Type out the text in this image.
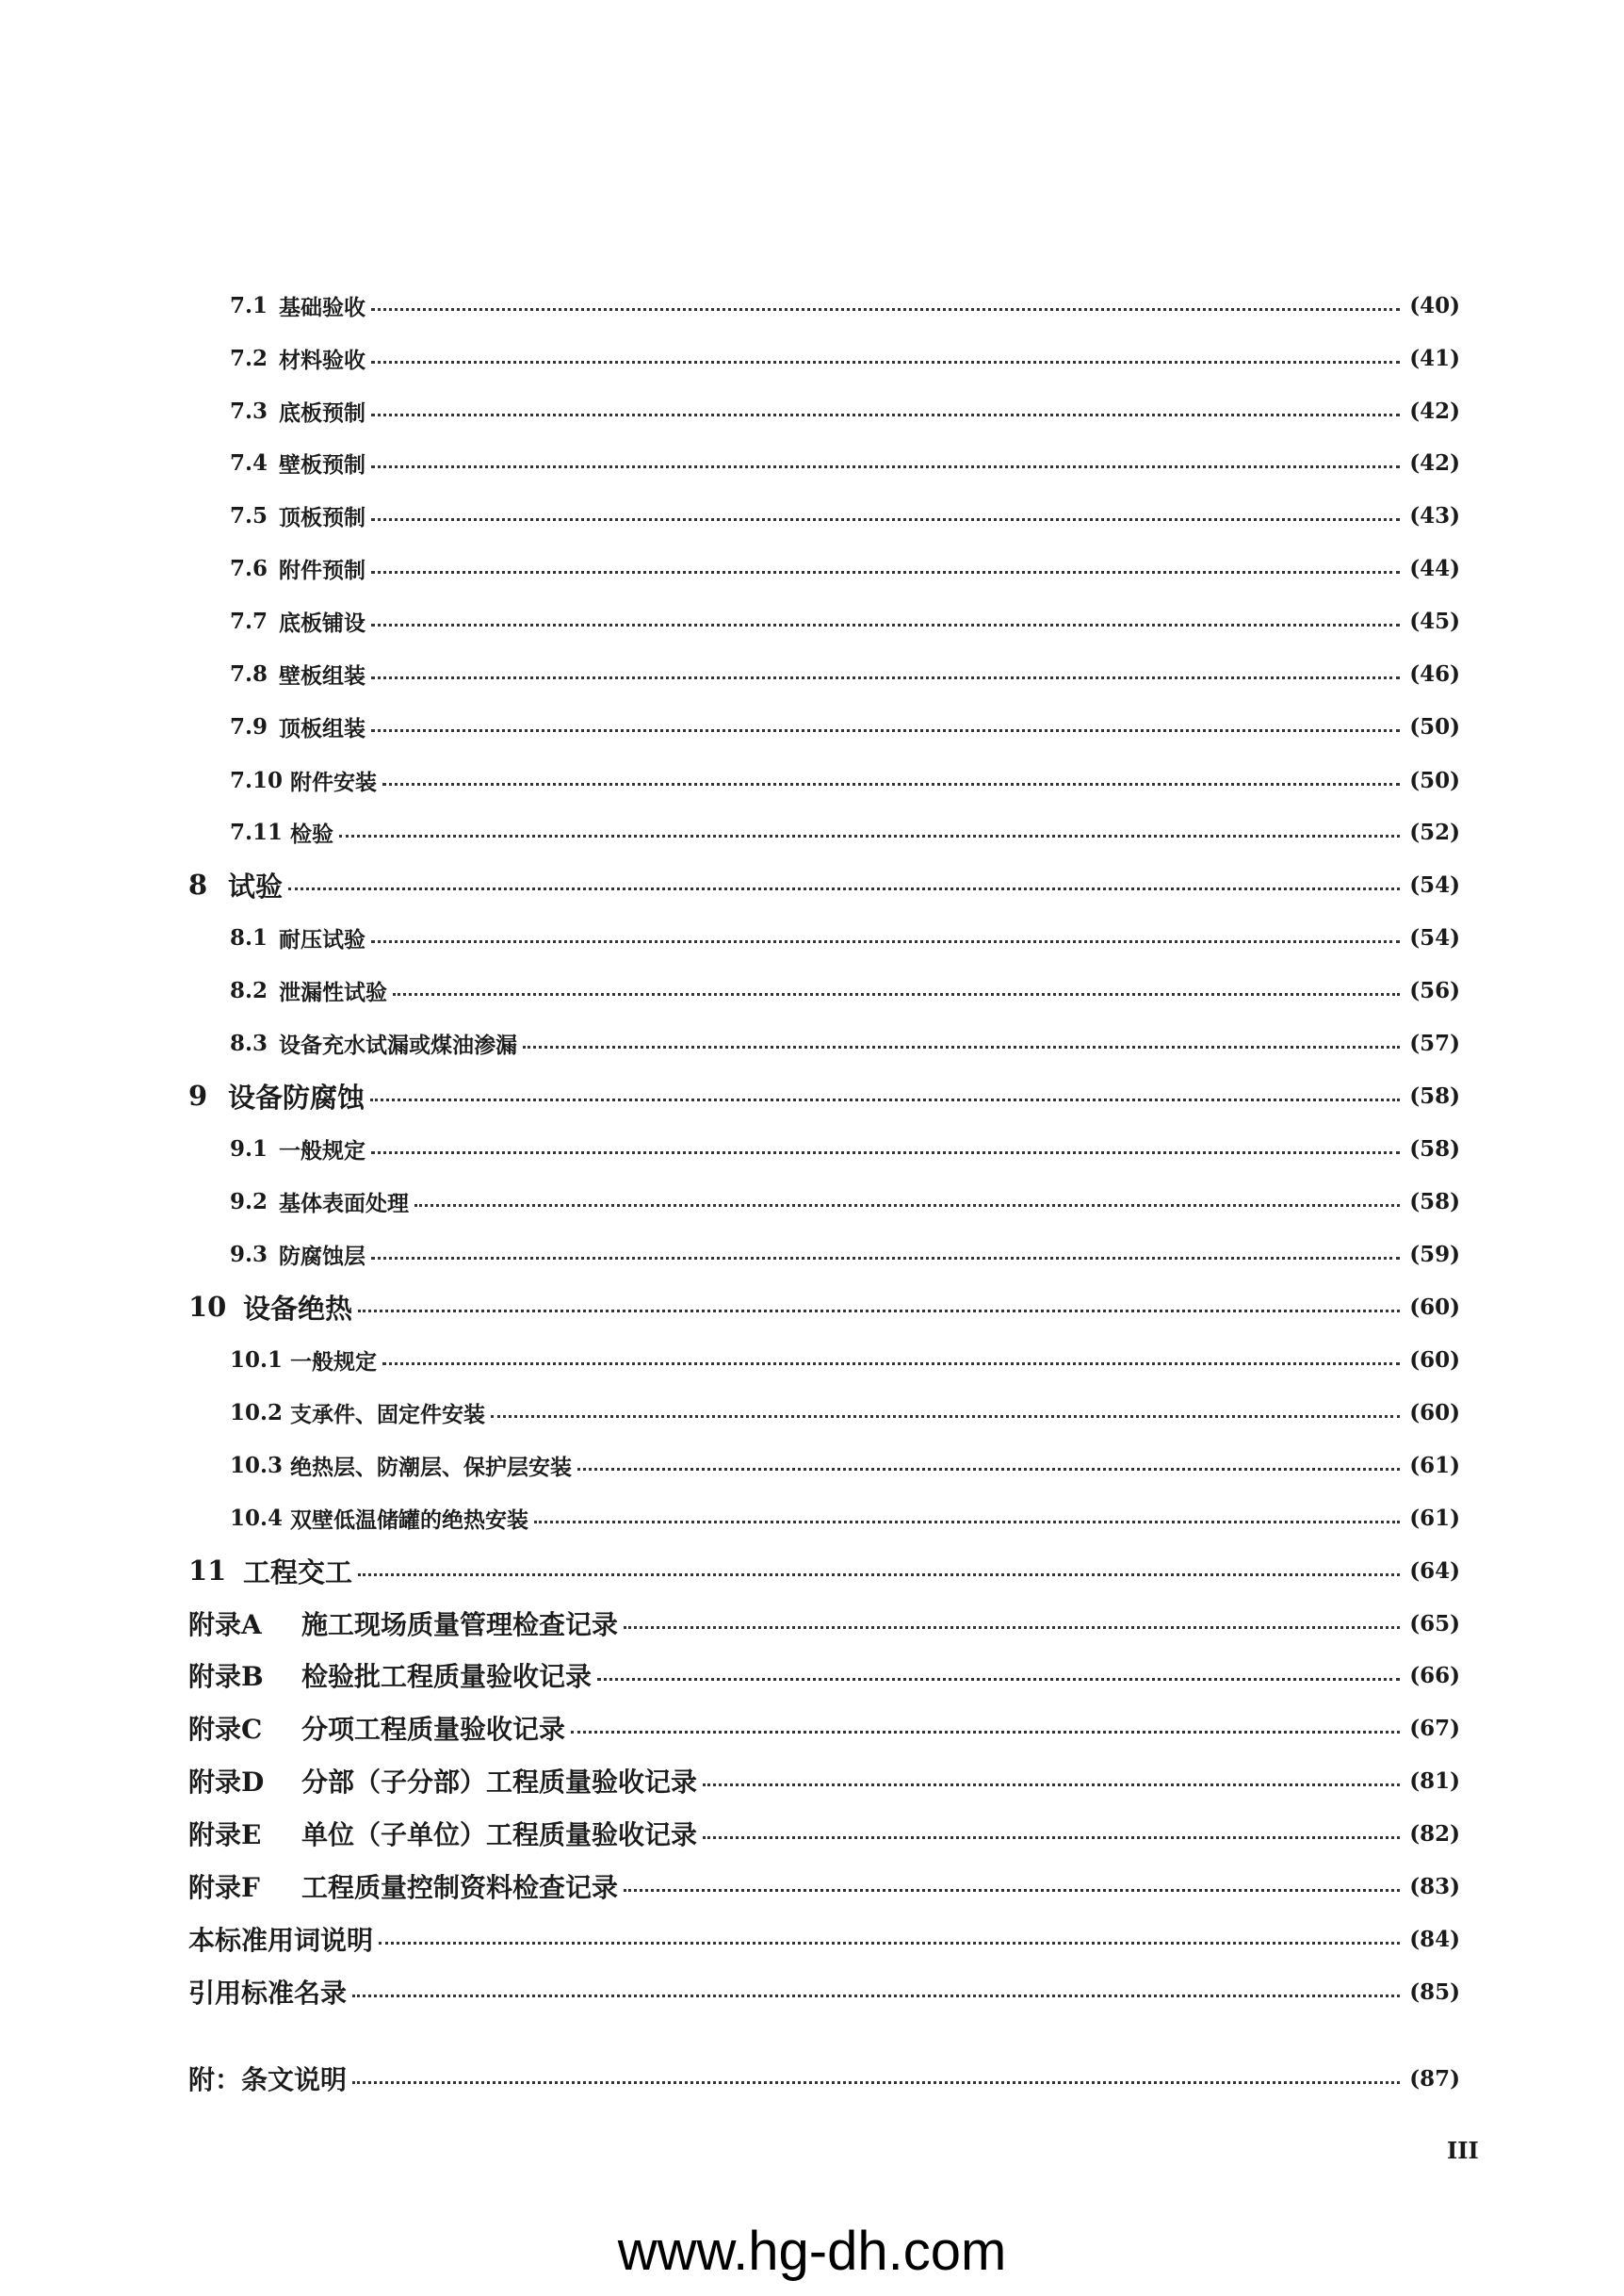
7.1 基础验收	(40)
7.2 材料验收	(41)
7.3 底板预制	(42)
7.4 壁板预制	(42)
7.5 顶板预制	(43)
7.6 附件预制	(44)
7.7 底板铺设	(45)
7.8 壁板组装	(46)
7.9 顶板组装	(50)
7.10 附件安装	(50)
7.11 检验	(52)
8 试验	(54)
8.1 耐压试验	(54)
8.2 泄漏性试验	(56)
8.3 设备充水试漏或煤油渗漏	(57)
9 设备防腐蚀	(58)
9.1 一般规定	(58)
9.2 基体表面处理	(58)
9.3 防腐蚀层	(59)
10 设备绝热	(60)
10.1 一般规定	(60)
10.2 支承件、固定件安装	(60)
10.3 绝热层、防潮层、保护层安装	(61)
10.4 双壁低温储罐的绝热安装	(61)
11 工程交工	(64)
附录A	施工现场质量管理检查记录	(65)
附录B	检验批工程质量验收记录	(66)
附录C	分项工程质量验收记录	(67)
附录D	分部（子分部）工程质量验收记录	(81)
附录E	单位（子单位）工程质量验收记录	(82)
附录F	工程质量控制资料检查记录	(83)
本标准用词说明	(84)
引用标准名录	(85)
附：条文说明	(87)
III
www.hg-dh.com
